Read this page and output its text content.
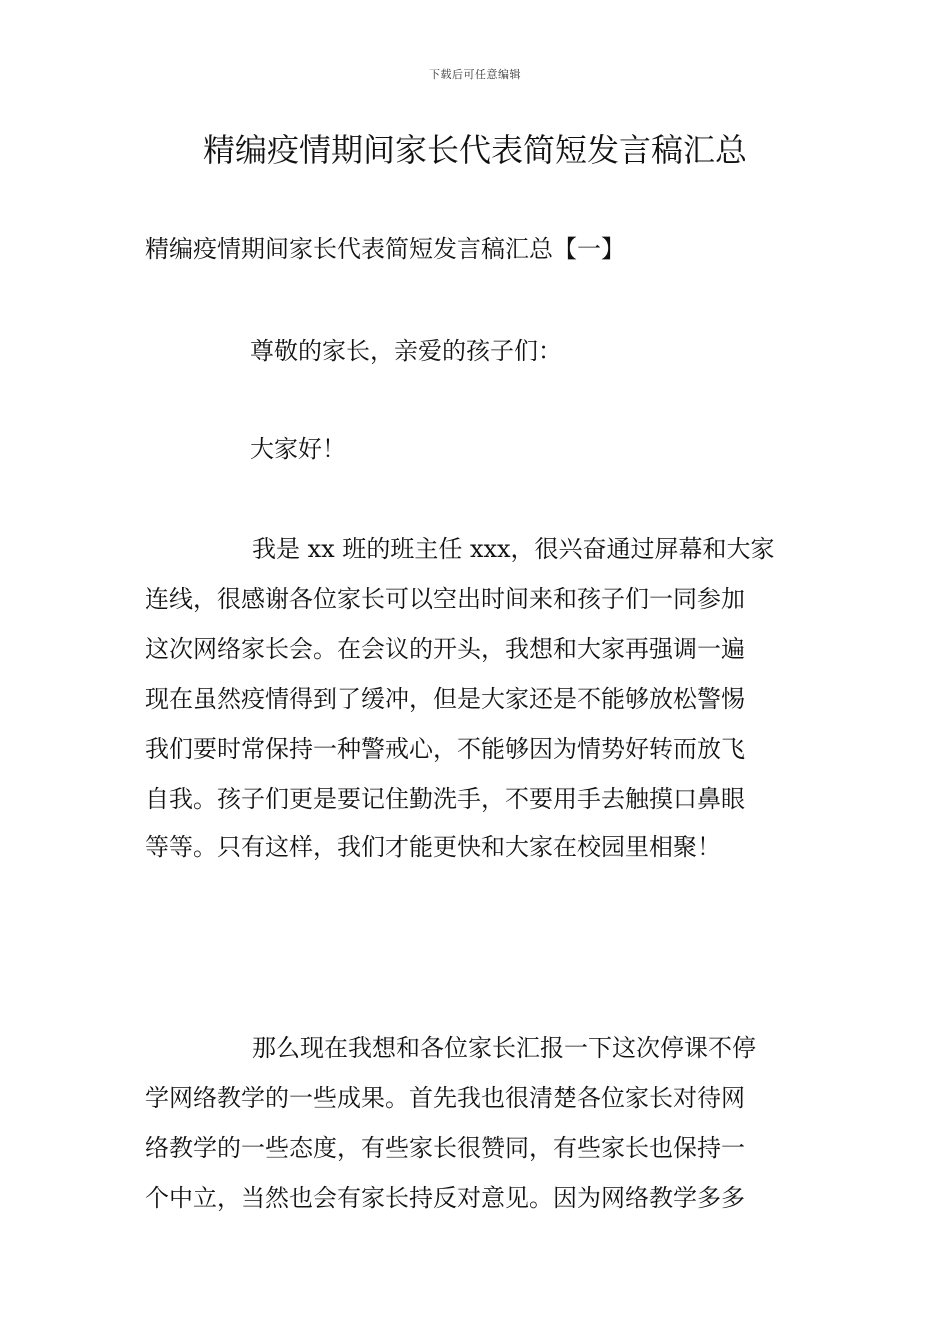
下载后可任意编辑
精编疫情期间家长代表简短发言稿汇总
精编疫情期间家长代表简短发言稿汇总【一】
尊敬的家长，亲爱的孩子们：
大家好！
我是 xx 班的班主任 xxx，很兴奋通过屏幕和大家
连线，很感谢各位家长可以空出时间来和孩子们一同参加
这次网络家长会。在会议的开头，我想和大家再强调一遍
现在虽然疫情得到了缓冲，但是大家还是不能够放松警惕
我们要时常保持一种警戒心，不能够因为情势好转而放飞
自我。孩子们更是要记住勤洗手，不要用手去触摸口鼻眼
等等。只有这样，我们才能更快和大家在校园里相聚！
那么现在我想和各位家长汇报一下这次停课不停
学网络教学的一些成果。首先我也很清楚各位家长对待网
络教学的一些态度，有些家长很赞同，有些家长也保持一
个中立，当然也会有家长持反对意见。因为网络教学多多
